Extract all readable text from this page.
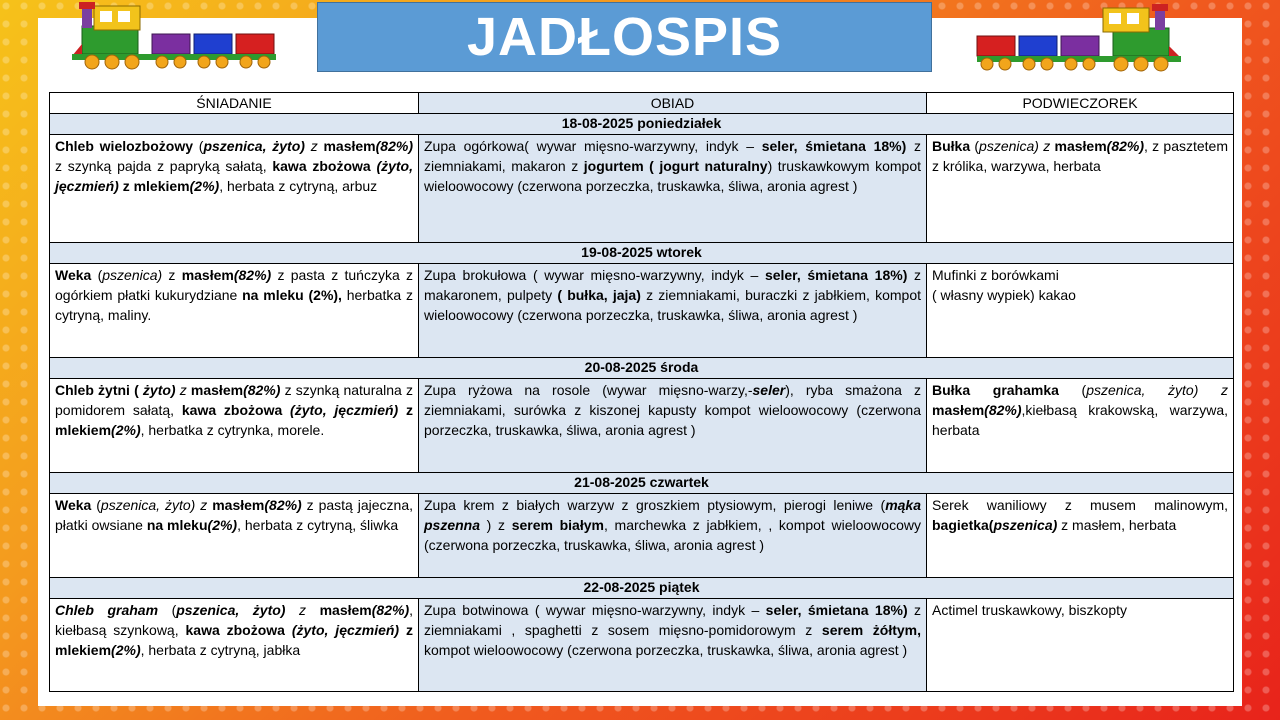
JADŁOSPIS
ŚNIADANIE	OBIAD	PODWIECZOREK
18-08-2025 poniedziałek		
Chleb wielozbożowy (pszenica, żyto) z masłem(82%) z szynką pajda z papryką sałatą, kawa zbożowa (żyto, jęczmień) z mlekiem(2%), herbata z cytryną, arbuz	Zupa ogórkowa( wywar mięsno-warzywny, indyk – seler, śmietana 18%) z ziemniakami, makaron z jogurtem ( jogurt naturalny) truskawkowym kompot wieloowocowy (czerwona porzeczka, truskawka, śliwa, aronia agrest )	Bułka (pszenica) z masłem(82%), z pasztetem z królika, warzywa, herbata
19-08-2025 wtorek		
Weka (pszenica) z masłem(82%) z pasta z tuńczyka z ogórkiem płatki kukurydziane na mleku (2%), herbatka z cytryną, maliny.	Zupa brokułowa ( wywar mięsno-warzywny, indyk – seler, śmietana 18%) z makaronem, pulpety ( bułka, jaja) z ziemniakami, buraczki z jabłkiem, kompot wieloowocowy (czerwona porzeczka, truskawka, śliwa, aronia agrest )	Mufinki z borówkami
( własny wypiek) kakao
20-08-2025 środa		
Chleb żytni ( żyto) z masłem(82%) z szynką naturalna z pomidorem sałatą, kawa zbożowa (żyto, jęczmień) z mlekiem(2%), herbatka z cytrynka, morele.	Zupa ryżowa na rosole (wywar mięsno-warzy,-seler), ryba smażona z ziemniakami, surówka z kiszonej kapusty kompot wieloowocowy (czerwona porzeczka, truskawka, śliwa, aronia agrest )	Bułka grahamka (pszenica, żyto) z masłem(82%),kiełbasą krakowską, warzywa, herbata
21-08-2025 czwartek		
Weka (pszenica, żyto) z masłem(82%) z pastą jajeczna, płatki owsiane na mleku(2%), herbata z cytryną, śliwka	Zupa krem z białych warzyw z groszkiem ptysiowym, pierogi leniwe (mąka pszenna ) z serem białym, marchewka z jabłkiem, , kompot wieloowocowy (czerwona porzeczka, truskawka, śliwa, aronia agrest )	Serek waniliowy z musem malinowym, bagietka(pszenica) z masłem, herbata
22-08-2025 piątek		
Chleb graham (pszenica, żyto) z masłem(82%), kiełbasą szynkową, kawa zbożowa (żyto, jęczmień) z mlekiem(2%), herbata z cytryną, jabłka	Zupa botwinowa ( wywar mięsno-warzywny, indyk – seler, śmietana 18%) z ziemniakami , spaghetti z sosem mięsno-pomidorowym z serem żółtym, kompot wieloowocowy (czerwona porzeczka, truskawka, śliwa, aronia agrest )	Actimel truskawkowy, biszkopty
